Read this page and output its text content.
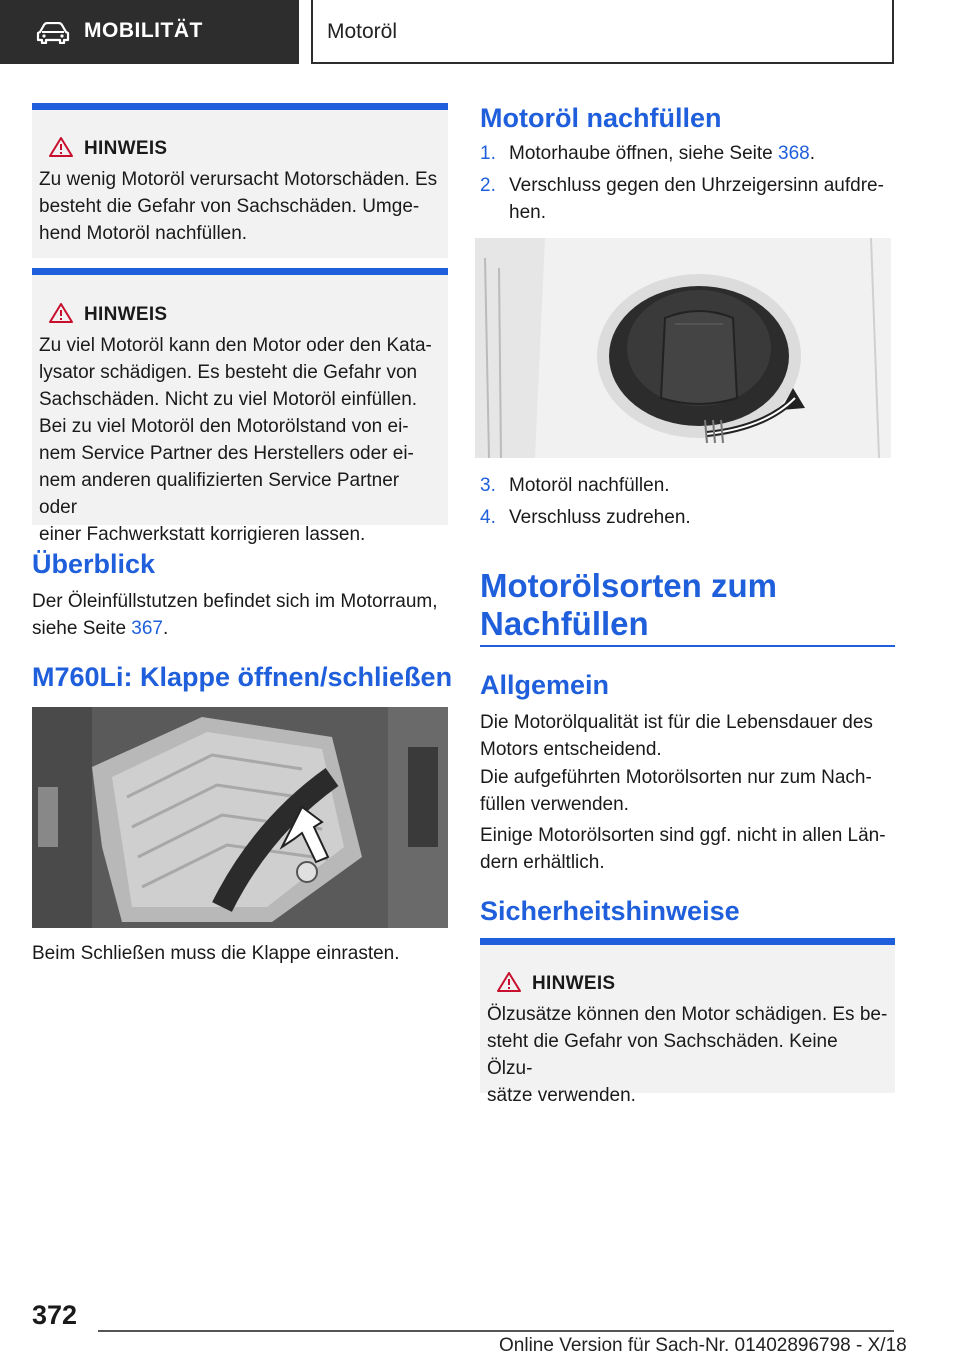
MOBILITÄT	Motoröl
HINWEIS
Zu wenig Motoröl verursacht Motorschäden. Es
besteht die Gefahr von Sachschäden. Umge-
hend Motoröl nachfüllen.
HINWEIS
Zu viel Motoröl kann den Motor oder den Kata-
lysator schädigen. Es besteht die Gefahr von
Sachschäden. Nicht zu viel Motoröl einfüllen.
Bei zu viel Motoröl den Motorölstand von ei-
nem Service Partner des Herstellers oder ei-
nem anderen qualifizierten Service Partner oder
einer Fachwerkstatt korrigieren lassen.
Überblick
Der Öleinfüllstutzen befindet sich im Motorraum,
siehe Seite 367.
M760Li: Klappe öffnen/schließen
Beim Schließen muss die Klappe einrasten.
Motoröl nachfüllen
1. Motorhaube öffnen, siehe Seite 368.
2. Verschluss gegen den Uhrzeigersinn aufdre-
hen.
3. Motoröl nachfüllen.
4. Verschluss zudrehen.
Motorölsorten zum
Nachfüllen
Allgemein
Die Motorölqualität ist für die Lebensdauer des
Motors entscheidend.
Die aufgeführten Motorölsorten nur zum Nach-
füllen verwenden.
Einige Motorölsorten sind ggf. nicht in allen Län-
dern erhältlich.
Sicherheitshinweise
HINWEIS
Ölzusätze können den Motor schädigen. Es be-
steht die Gefahr von Sachschäden. Keine Ölzu-
sätze verwenden.
372
Online Version für Sach-Nr. 01402896798 - X/18
